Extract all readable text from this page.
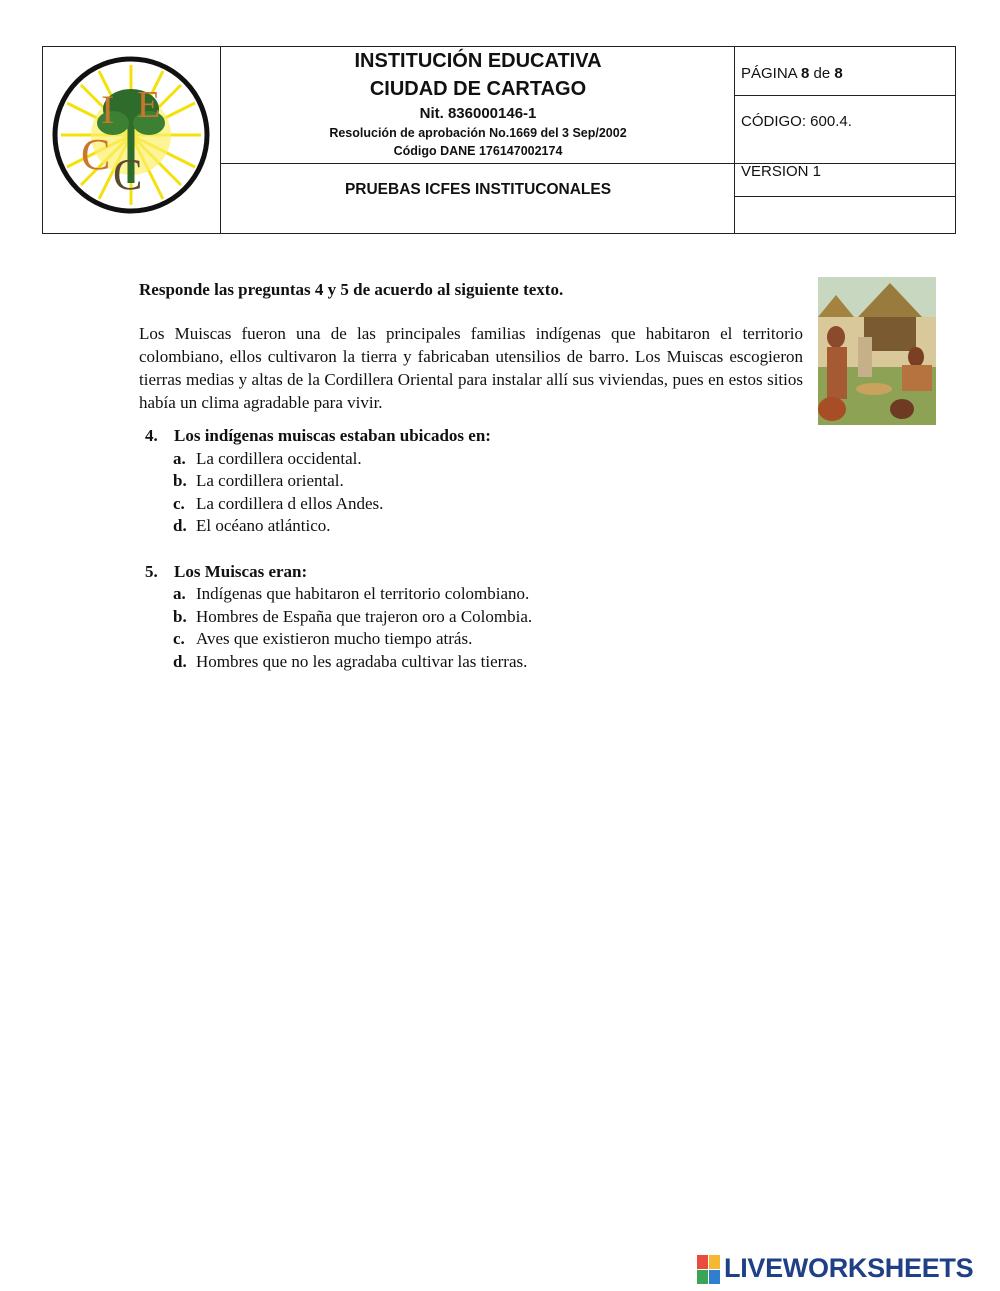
I E
C C
INSTITUCIÓN EDUCATIVA
CIUDAD DE CARTAGO
Nit. 836000146-1
Resolución de aprobación No.1669 del 3 Sep/2002
Código DANE 176147002174
PRUEBAS ICFES INSTITUCONALES
PÁGINA 8 de 8
CÓDIGO: 600.4.
VERSION 1
Responde las preguntas 4 y 5 de acuerdo al siguiente texto.

Los Muiscas fueron una de las principales familias indígenas que habitaron el territorio colombiano, ellos cultivaron la tierra y fabricaban utensilios de barro. Los Muiscas escogieron tierras medias y altas de la Cordillera Oriental para instalar allí sus viviendas, pues en estos sitios había un clima agradable para vivir.

4. Los indígenas muiscas estaban ubicados en:
a. La cordillera occidental.
b. La cordillera oriental.
c. La cordillera d ellos Andes.
d. El océano atlántico.
5. Los Muiscas eran:
a. Indígenas que habitaron el territorio colombiano.
b. Hombres de España que trajeron oro a Colombia.
c. Aves que existieron mucho tiempo atrás.
d. Hombres que no les agradaba cultivar las tierras.
LIVEWORKSHEETS
